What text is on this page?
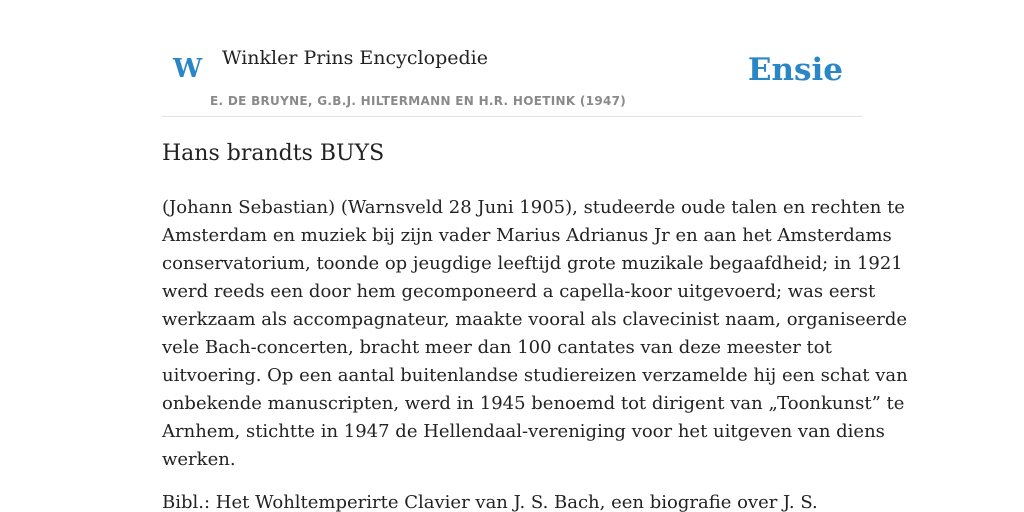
W Winkler Prins Encyclopedie
E. DE BRUYNE, G.B.J. HILTERMANN EN H.R. HOETINK (1947)
Ensie
Hans brandts BUYS

(Johann Sebastian) (Warnsveld 28 Juni 1905), studeerde oude talen en rechten te
Amsterdam en muziek bij zijn vader Marius Adrianus Jr en aan het Amsterdams
conservatorium, toonde op jeugdige leeftijd grote muzikale begaafdheid; in 1921
werd reeds een door hem gecomponeerd a capella-koor uitgevoerd; was eerst
werkzaam als accompagnateur, maakte vooral als clavecinist naam, organiseerde
vele Bach-concerten, bracht meer dan 100 cantates van deze meester tot
uitvoering. Op een aantal buitenlandse studiereizen verzamelde hij een schat van
onbekende manuscripten, werd in 1945 benoemd tot dirigent van „Toonkunst” te
Arnhem, stichtte in 1947 de Hellendaal-vereniging voor het uitgeven van diens
werken.

Bibl.: Het Wohltemperirte Clavier van J. S. Bach, een biografie over J. S.
